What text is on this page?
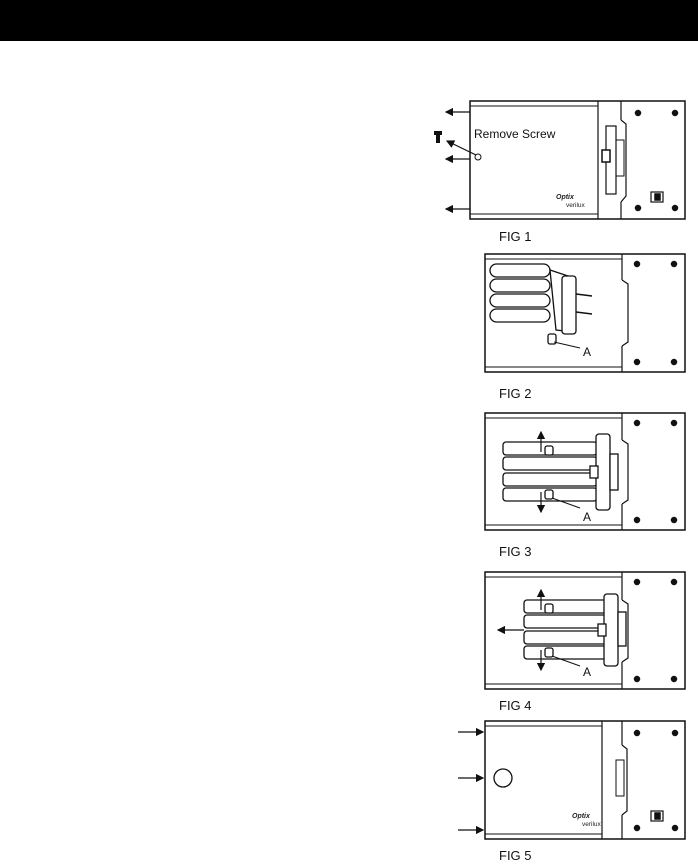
Remove Screw
Optix
verilux
FIG 1
A
FIG 2
A
FIG 3
A
FIG 4
Optix
verilux
FIG 5
